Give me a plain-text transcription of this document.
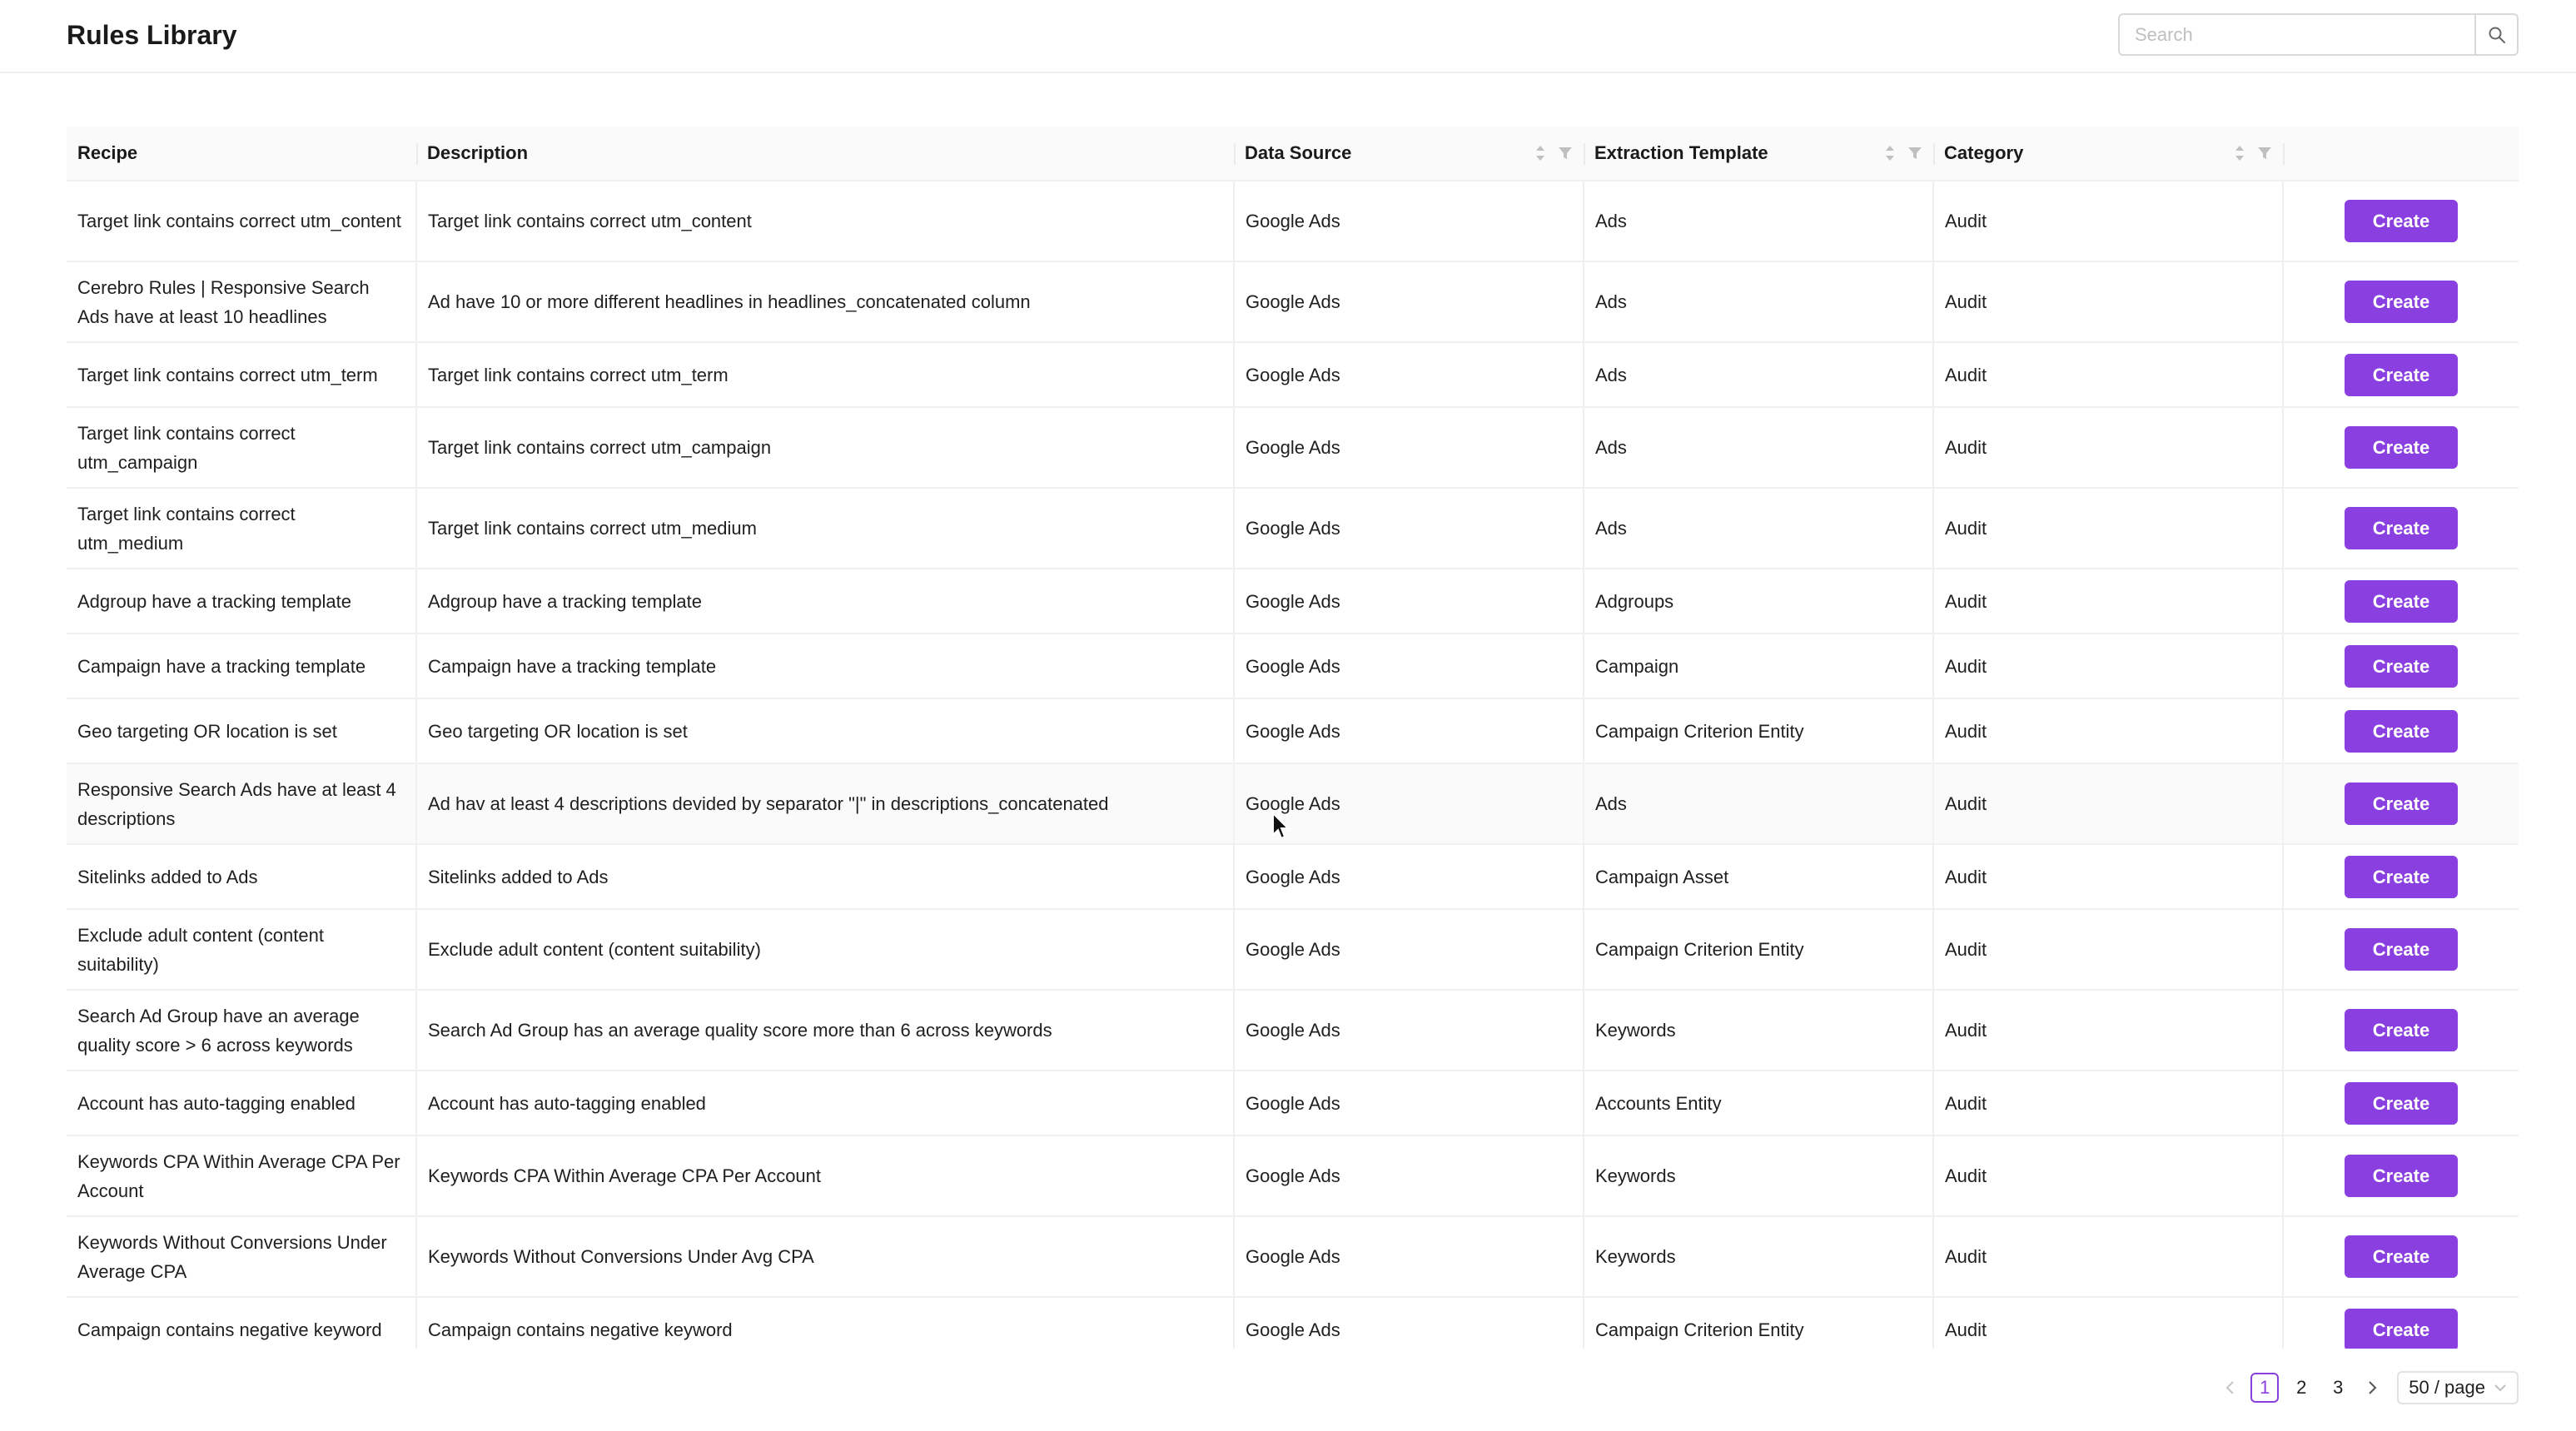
Rules Library
Search
Recipe	Description	Data Source	Extraction Template	Category	

Target link contains correct utm_content	Target link contains correct utm_content	Google Ads	Ads	Audit	Create
Cerebro Rules | Responsive Search Ads have at least 10 headlines	Ad have 10 or more different headlines in headlines_concatenated column	Google Ads	Ads	Audit	Create
Target link contains correct utm_term	Target link contains correct utm_term	Google Ads	Ads	Audit	Create
Target link contains correct utm_campaign	Target link contains correct utm_campaign	Google Ads	Ads	Audit	Create
Target link contains correct utm_medium	Target link contains correct utm_medium	Google Ads	Ads	Audit	Create
Adgroup have a tracking template	Adgroup have a tracking template	Google Ads	Adgroups	Audit	Create
Campaign have a tracking template	Campaign have a tracking template	Google Ads	Campaign	Audit	Create
Geo targeting OR location is set	Geo targeting OR location is set	Google Ads	Campaign Criterion Entity	Audit	Create
Responsive Search Ads have at least 4 descriptions	Ad hav at least 4 descriptions devided by separator "|" in descriptions_concatenated	Google Ads	Ads	Audit	Create
Sitelinks added to Ads	Sitelinks added to Ads	Google Ads	Campaign Asset	Audit	Create
Exclude adult content (content suitability)	Exclude adult content (content suitability)	Google Ads	Campaign Criterion Entity	Audit	Create
Search Ad Group have an average quality score > 6 across keywords	Search Ad Group has an average quality score more than 6 across keywords	Google Ads	Keywords	Audit	Create
Account has auto-tagging enabled	Account has auto-tagging enabled	Google Ads	Accounts Entity	Audit	Create
Keywords CPA Within Average CPA Per Account	Keywords CPA Within Average CPA Per Account	Google Ads	Keywords	Audit	Create
Keywords Without Conversions Under Average CPA	Keywords Without Conversions Under Avg CPA	Google Ads	Keywords	Audit	Create
Campaign contains negative keyword	Campaign contains negative keyword	Google Ads	Campaign Criterion Entity	Audit	Create
1	2	3	50 / page
